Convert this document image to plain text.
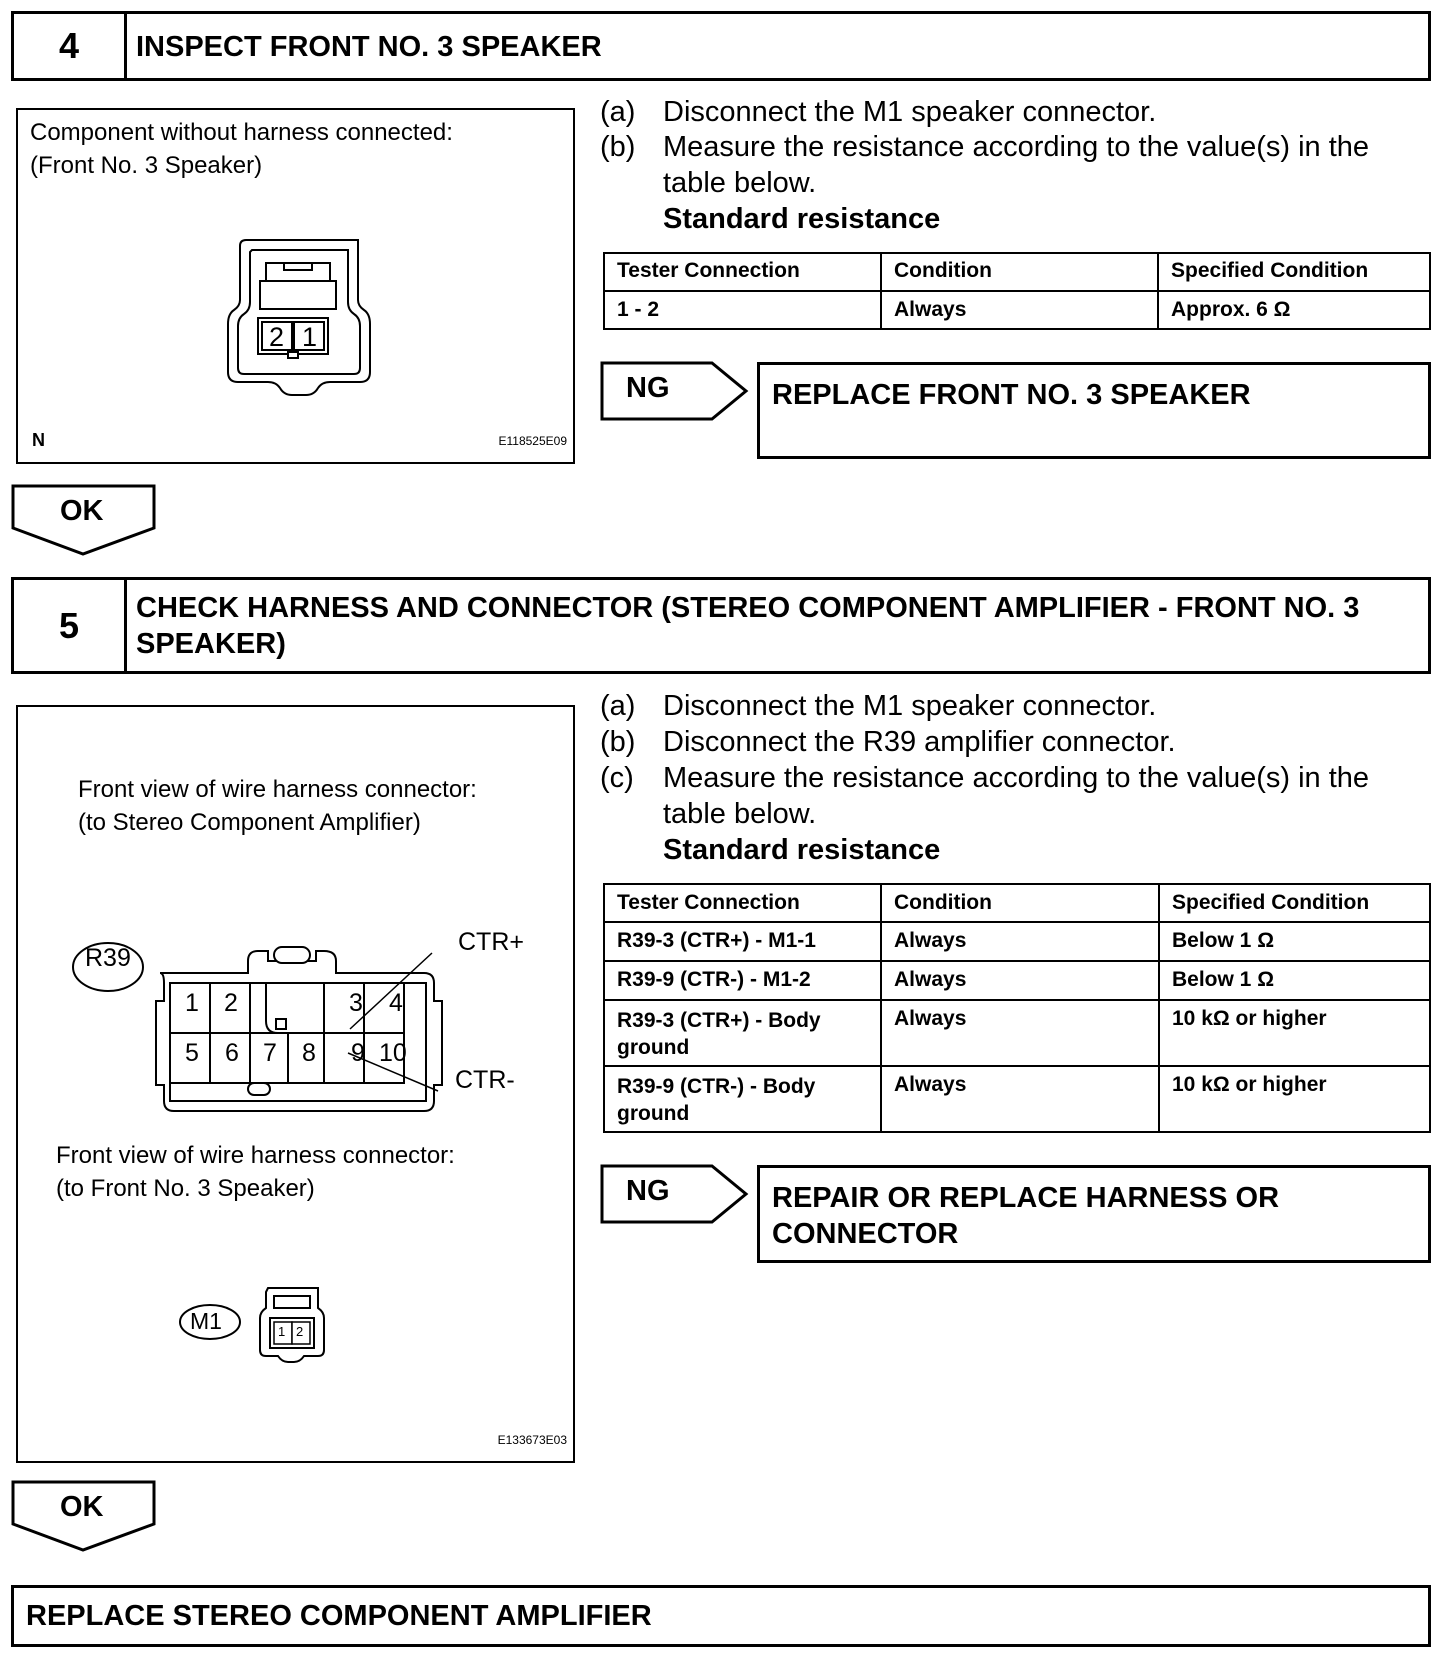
4	INSPECT FRONT NO. 3 SPEAKER
Component without harness connected:
(Front No. 3 Speaker)
2 1
N	E118525E09
(a) Disconnect the M1 speaker connector.
(b) Measure the resistance according to the value(s) in the
table below.
Standard resistance
Tester Connection	Condition	Specified Condition
1 - 2	Always	Approx. 6 Ω
NG	REPLACE FRONT NO. 3 SPEAKER
OK
5	CHECK HARNESS AND CONNECTOR (STEREO COMPONENT AMPLIFIER - FRONT NO. 3
SPEAKER)
Front view of wire harness connector:
(to Stereo Component Amplifier)
R39
CTR+
CTR-
1 2	3 4
5 6 7 8 9 10
Front view of wire harness connector:
(to Front No. 3 Speaker)
M1	1 2
E133673E03
(a) Disconnect the M1 speaker connector.
(b) Disconnect the R39 amplifier connector.
(c) Measure the resistance according to the value(s) in the
table below.
Standard resistance
Tester Connection	Condition	Specified Condition

R39-3 (CTR+) - M1-1	Always	Below 1 Ω

R39-9 (CTR-) - M1-2	Always	Below 1 Ω

R39-3 (CTR+) - Body
ground	Always	10 kΩ or higher

R39-9 (CTR-) - Body
ground	Always	10 kΩ or higher
NG	REPAIR OR REPLACE HARNESS OR
CONNECTOR
OK
REPLACE STEREO COMPONENT AMPLIFIER
